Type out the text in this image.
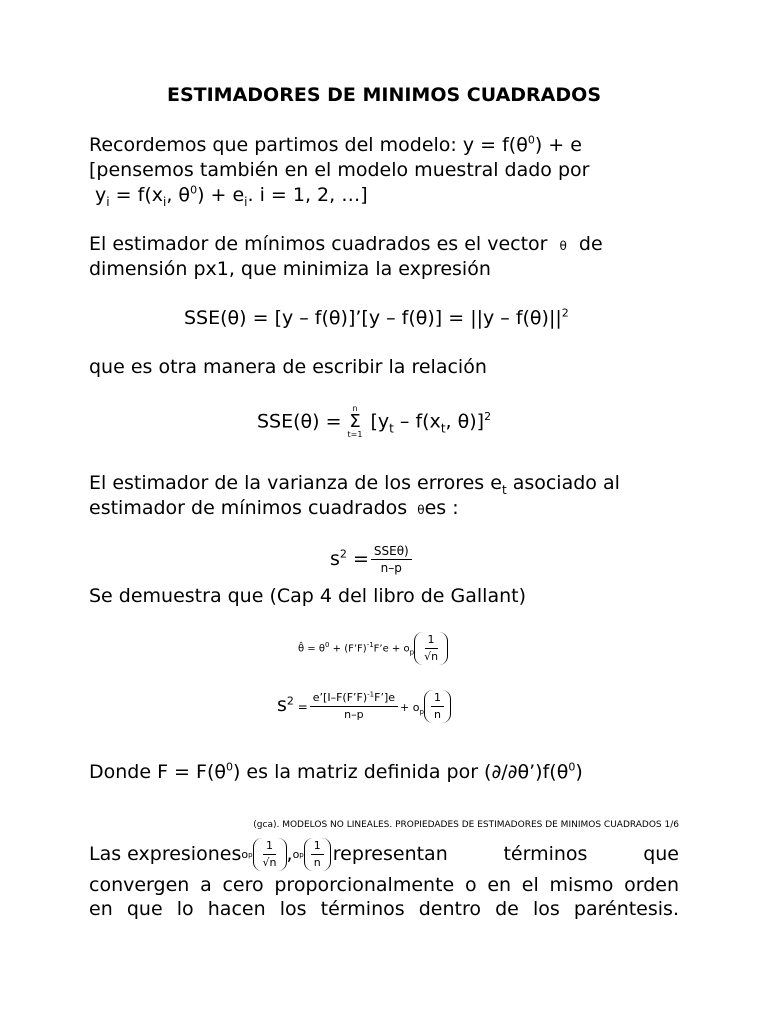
ESTIMADORES DE MINIMOS CUADRADOS
Recordemos que partimos del modelo: $y = f(\theta^0) + e$
[pensemos también en el modelo muestral dado por
$y_i = f(x_i$, $\theta^0) + e_i$. i = 1, 2, …]
El estimador de mínimos cuadrados es el vector θ de
dimensión px1, que minimiza la expresión
SSE(θ) = [y – f(θ)]’[y – $f(\theta)] = ||y - f(\theta)||^2$
que es otra manera de escribir la relación
SSE(θ) =
n
Σ
t=1
[$y_t - f(x_t$, θ)]$^2$
El estimador de la varianza de los errores $e_t$ asociado al
estimador de mínimos cuadrados θes :
$s^2 = \frac{\text{SSEθ)}}{n-p}$
Se demuestra que (Cap 4 del libro de Gallant)
θ̂ = $\theta^0$ + (F’F)$^{-1}$F’e + $o_p \frac{1}{√n}$
$s^2 = \frac{e’[I-F(F’F)^{-1}F’]e}{n-p} + o_p \frac{1}{n}$
Donde $F = F(\theta^0)$ es la matriz definida por $(\partial/\partial\theta’)f(\theta^0)$
(gca). MODELOS NO LINEALES. PROPIEDADES DE ESTIMADORES DE MINIMOS CUADRADOS 1/6
Las expresiones o p $\frac{1}{√n}$ , o p $\frac{1}{n}$ representan términos que
convergen a cero proporcionalmente o en el mismo orden
en que lo hacen los términos dentro de los paréntesis.
